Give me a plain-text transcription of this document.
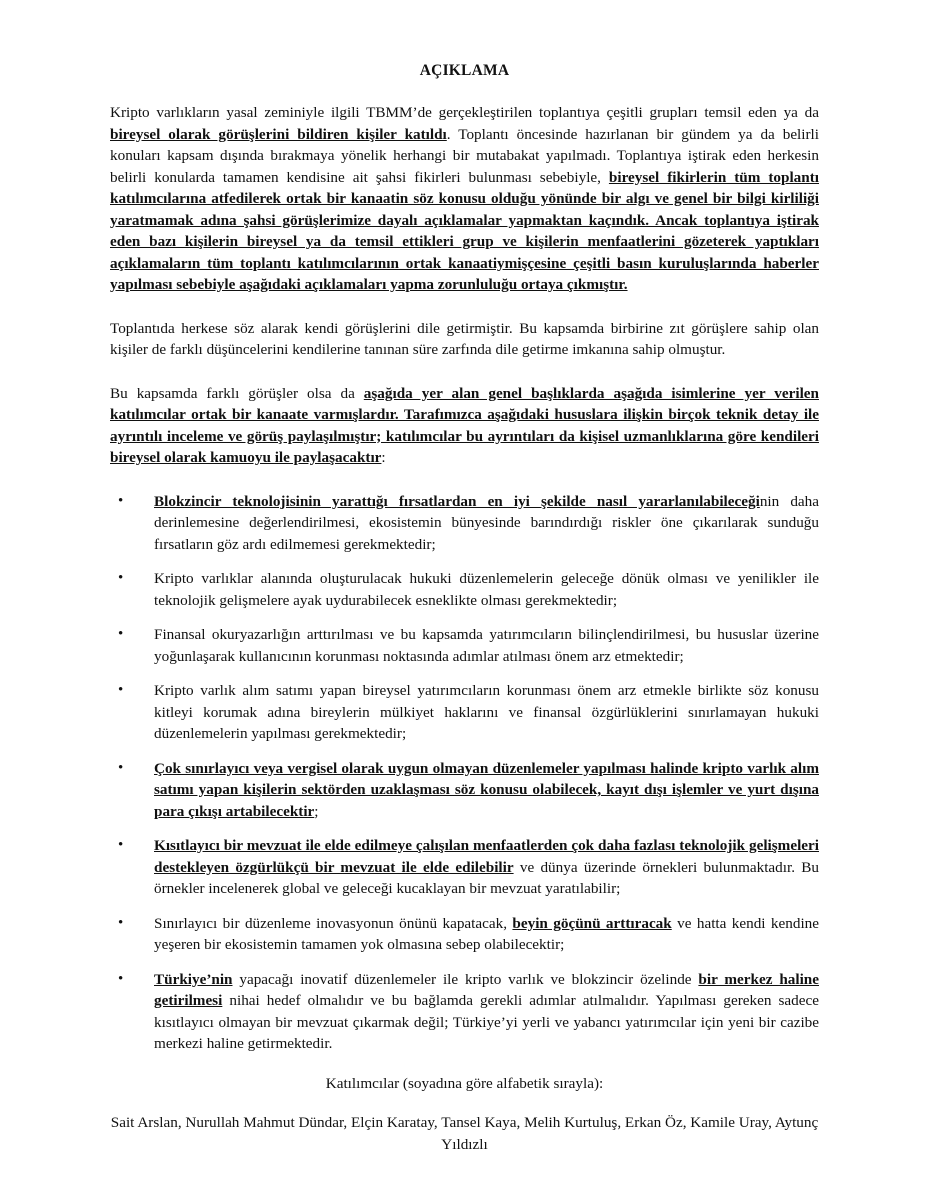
AÇIKLAMA

Kripto varlıkların yasal zeminiyle ilgili TBMM’de gerçekleştirilen toplantıya çeşitli grupları temsil eden ya da bireysel olarak görüşlerini bildiren kişiler katıldı. Toplantı öncesinde hazırlanan bir gündem ya da belirli konuları kapsam dışında bırakmaya yönelik herhangi bir mutabakat yapılmadı. Toplantıya iştirak eden herkesin belirli konularda tamamen kendisine ait şahsi fikirleri bulunması sebebiyle, bireysel fikirlerin tüm toplantı katılımcılarına atfedilerek ortak bir kanaatin söz konusu olduğu yönünde bir algı ve genel bir bilgi kirliliği yaratmamak adına şahsi görüşlerimize dayalı açıklamalar yapmaktan kaçındık. Ancak toplantıya iştirak eden bazı kişilerin bireysel ya da temsil ettikleri grup ve kişilerin menfaatlerini gözeterek yaptıkları açıklamaların tüm toplantı katılımcılarının ortak kanaatiymişçesine çeşitli basın kuruluşlarında haberler yapılması sebebiyle aşağıdaki açıklamaları yapma zorunluluğu ortaya çıkmıştır.

Toplantıda herkese söz alarak kendi görüşlerini dile getirmiştir. Bu kapsamda birbirine zıt görüşlere sahip olan kişiler de farklı düşüncelerini kendilerine tanınan süre zarfında dile getirme imkanına sahip olmuştur.

Bu kapsamda farklı görüşler olsa da aşağıda yer alan genel başlıklarda aşağıda isimlerine yer verilen katılımcılar ortak bir kanaate varmışlardır. Tarafımızca aşağıdaki hususlara ilişkin birçok teknik detay ile ayrıntılı inceleme ve görüş paylaşılmıştır; katılımcılar bu ayrıntıları da kişisel uzmanlıklarına göre kendileri bireysel olarak kamuoyu ile paylaşacaktır:

• Blokzincir teknolojisinin yarattığı fırsatlardan en iyi şekilde nasıl yararlanılabileceğinin daha derinlemesine değerlendirilmesi, ekosistemin bünyesinde barındırdığı riskler öne çıkarılarak sunduğu fırsatların göz ardı edilmemesi gerekmektedir;
• Kripto varlıklar alanında oluşturulacak hukuki düzenlemelerin geleceğe dönük olması ve yenilikler ile teknolojik gelişmelere ayak uydurabilecek esneklikte olması gerekmektedir;
• Finansal okuryazarlığın arttırılması ve bu kapsamda yatırımcıların bilinçlendirilmesi, bu hususlar üzerine yoğunlaşarak kullanıcının korunması noktasında adımlar atılması önem arz etmektedir;
• Kripto varlık alım satımı yapan bireysel yatırımcıların korunması önem arz etmekle birlikte söz konusu kitleyi korumak adına bireylerin mülkiyet haklarını ve finansal özgürlüklerini sınırlamayan hukuki düzenlemelerin yapılması gerekmektedir;
• Çok sınırlayıcı veya vergisel olarak uygun olmayan düzenlemeler yapılması halinde kripto varlık alım satımı yapan kişilerin sektörden uzaklaşması söz konusu olabilecek, kayıt dışı işlemler ve yurt dışına para çıkışı artabilecektir;
• Kısıtlayıcı bir mevzuat ile elde edilmeye çalışılan menfaatlerden çok daha fazlası teknolojik gelişmeleri destekleyen özgürlükçü bir mevzuat ile elde edilebilir ve dünya üzerinde örnekleri bulunmaktadır. Bu örnekler incelenerek global ve geleceği kucaklayan bir mevzuat yaratılabilir;
• Sınırlayıcı bir düzenleme inovasyonun önünü kapatacak, beyin göçünü arttıracak ve hatta kendi kendine yeşeren bir ekosistemin tamamen yok olmasına sebep olabilecektir;
• Türkiye’nin yapacağı inovatif düzenlemeler ile kripto varlık ve blokzincir özelinde bir merkez haline getirilmesi nihai hedef olmalıdır ve bu bağlamda gerekli adımlar atılmalıdır. Yapılması gereken sadece kısıtlayıcı olmayan bir mevzuat çıkarmak değil; Türkiye’yi yerli ve yabancı yatırımcılar için yeni bir cazibe merkezi haline getirmektedir.
Katılımcılar (soyadına göre alfabetik sırayla):
Sait Arslan, Nurullah Mahmut Dündar, Elçin Karatay, Tansel Kaya, Melih Kurtuluş, Erkan Öz, Kamile Uray, Aytunç Yıldızlı
